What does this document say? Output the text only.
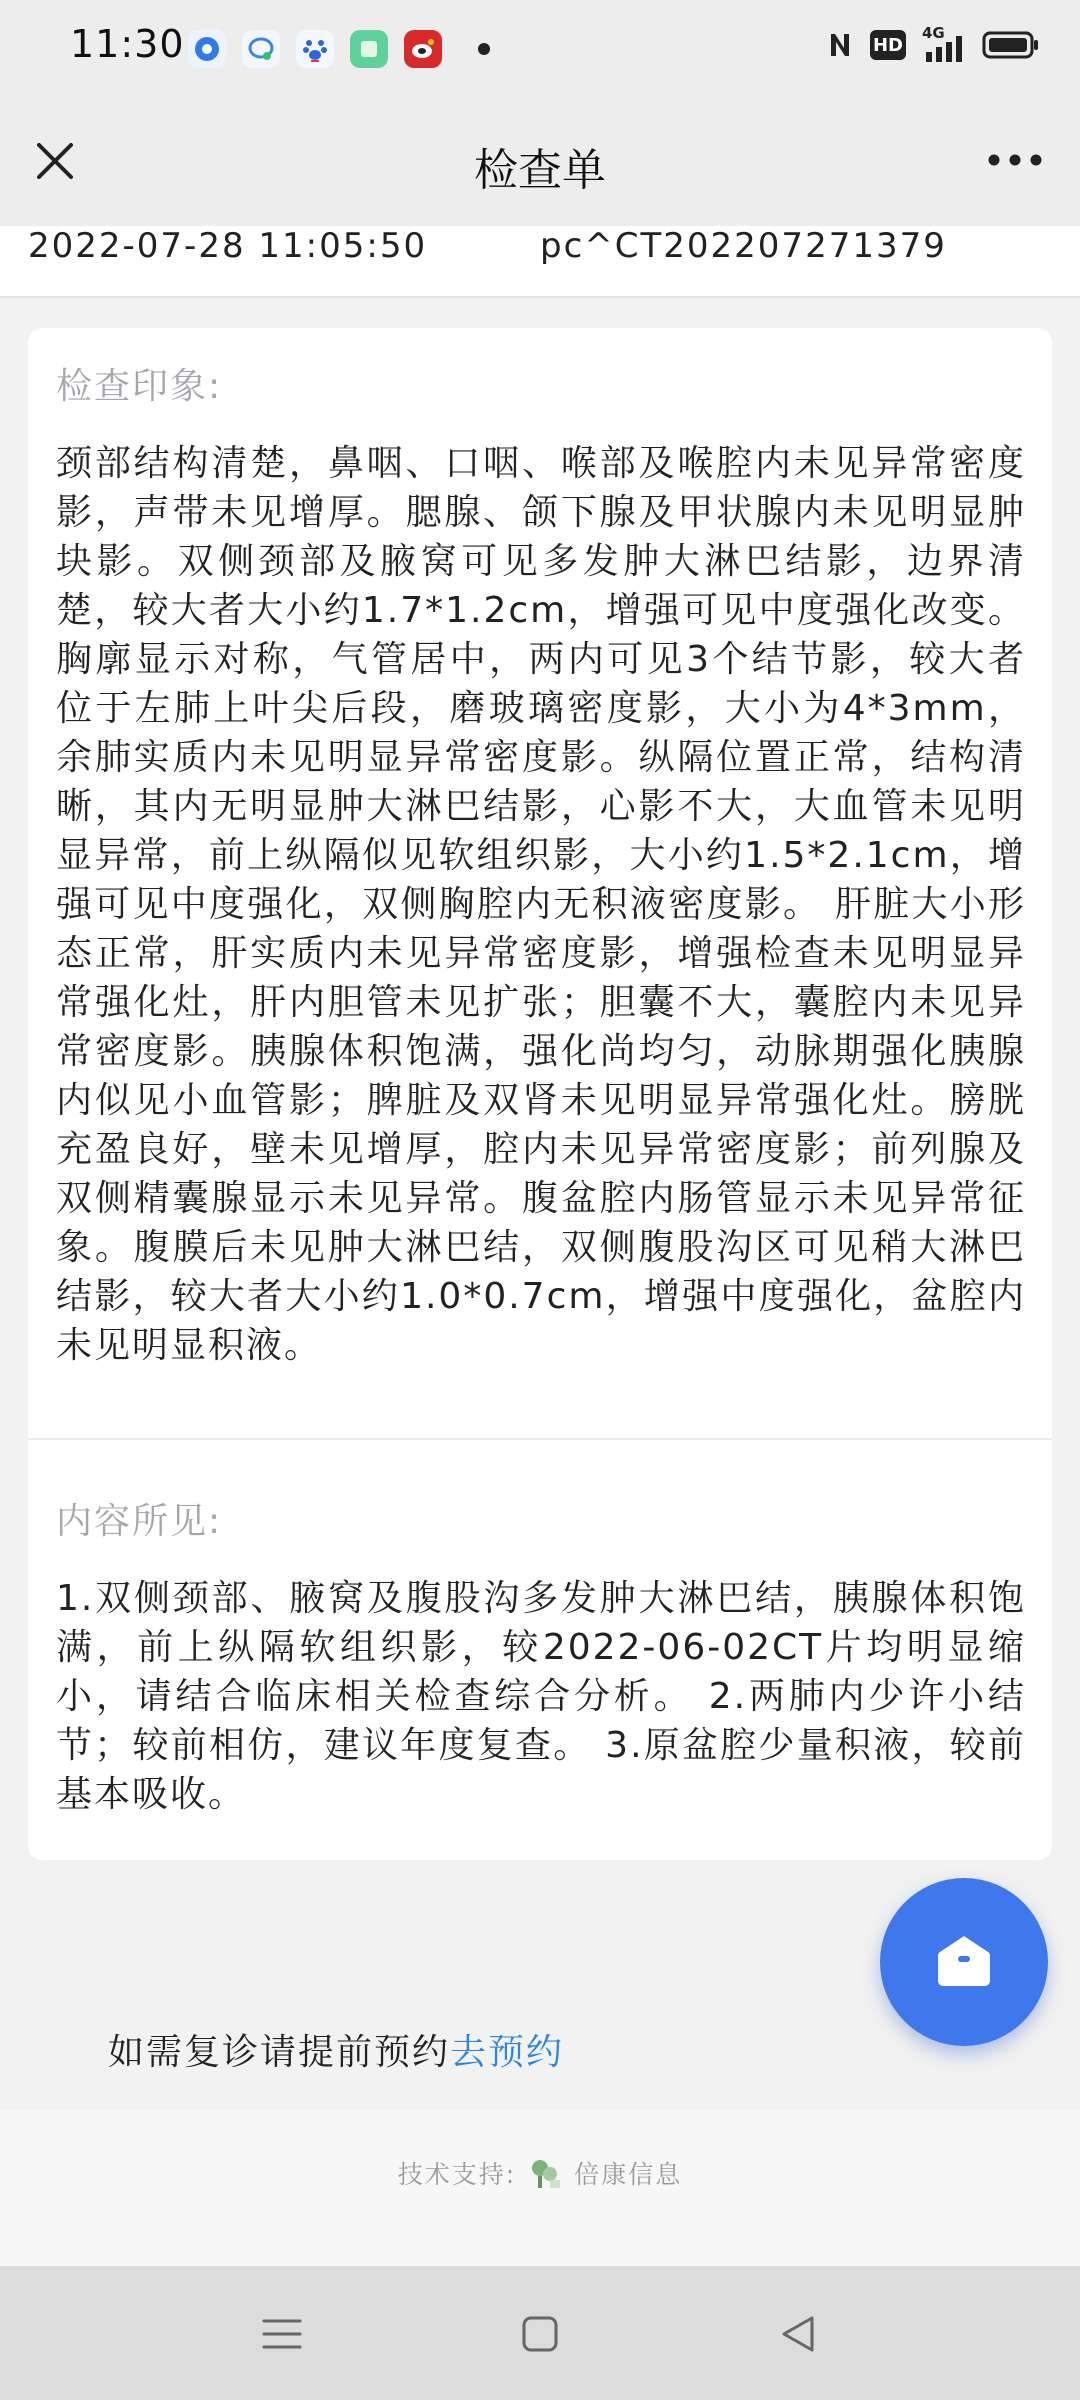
11:30	HD
4G
检查单
2022-07-28 11:05:50	pc^CT202207271379
检查印象:
颈部结构清楚，鼻咽、口咽、喉部及喉腔内未见异常密度影，声带未见增厚。腮腺、颌下腺及甲状腺内未见明显肿块影。双侧颈部及腋窝可见多发肿大淋巴结影，边界清楚，较大者大小约1.7*1.2cm，增强可见中度强化改变。 胸廓显示对称，气管居中，两内可见3个结节影，较大者位于左肺上叶尖后段，磨玻璃密度影，大小为4*3mm，余肺实质内未见明显异常密度影。纵隔位置正常，结构清晰，其内无明显肿大淋巴结影，心影不大，大血管未见明显异常，前上纵隔似见软组织影，大小约1.5*2.1cm，增强可见中度强化，双侧胸腔内无积液密度影。 肝脏大小形态正常，肝实质内未见异常密度影，增强检查未见明显异常强化灶，肝内胆管未见扩张；胆囊不大，囊腔内未见异常密度影。胰腺体积饱满，强化尚均匀，动脉期强化胰腺内似见小血管影；脾脏及双肾未见明显异常强化灶。膀胱充盈良好，壁未见增厚，腔内未见异常密度影；前列腺及双侧精囊腺显示未见异常。腹盆腔内肠管显示未见异常征象。腹膜后未见肿大淋巴结，双侧腹股沟区可见稍大淋巴结影，较大者大小约1.0*0.7cm，增强中度强化，盆腔内未见明显积液。
内容所见:
1.双侧颈部、腋窝及腹股沟多发肿大淋巴结，胰腺体积饱满，前上纵隔软组织影，较2022-06-02CT片均明显缩小，请结合临床相关检查综合分析。 2.两肺内少许小结节；较前相仿，建议年度复查。 3.原盆腔少量积液，较前基本吸收。
如需复诊请提前预约去预约
技术支持: 倍康信息
